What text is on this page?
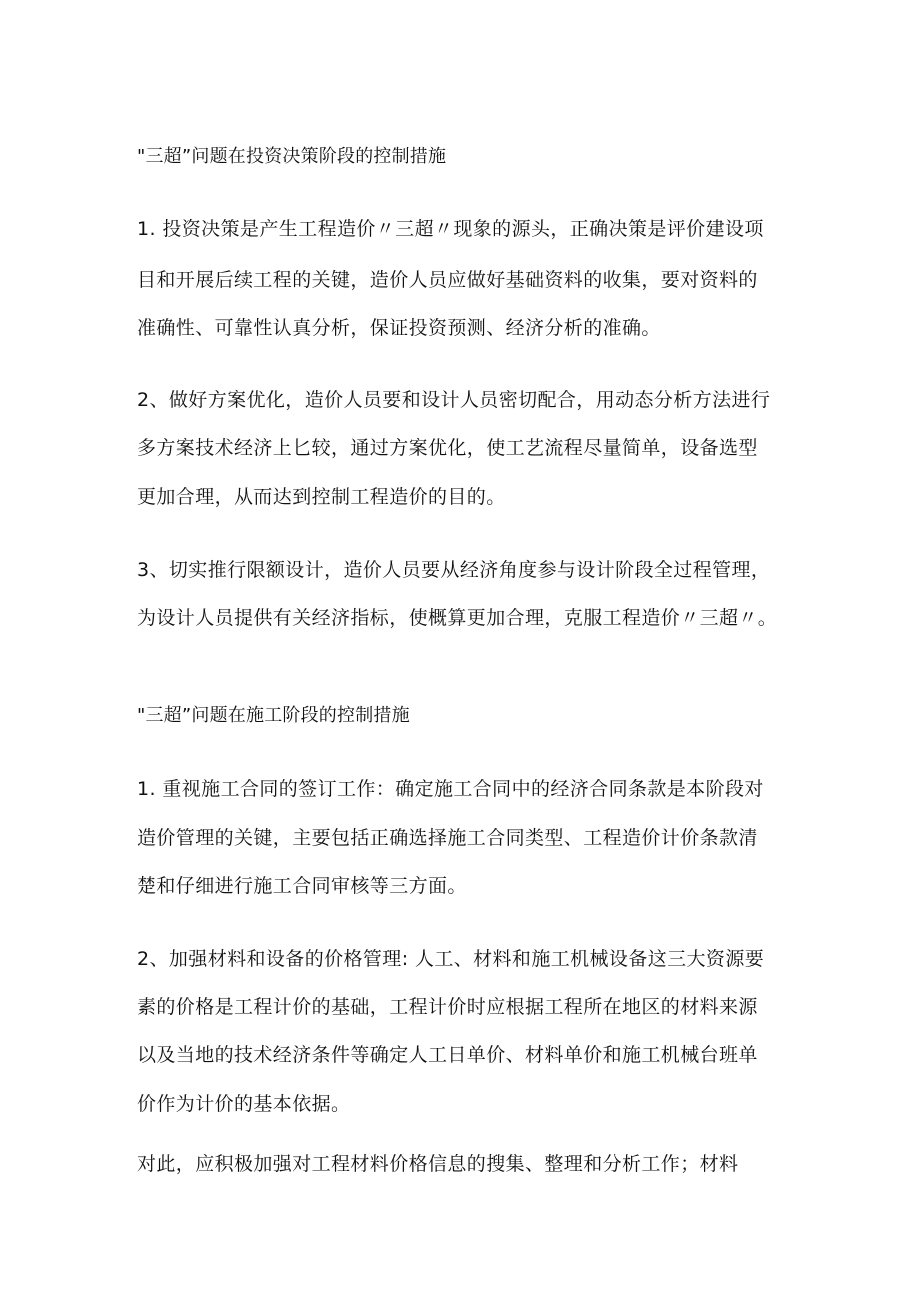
"三超”问题在投资决策阶段的控制措施
1. 投资决策是产生工程造价〃三超〃现象的源头，正确决策是评价建设项
目和开展后续工程的关键，造价人员应做好基础资料的收集，要对资料的
准确性、可靠性认真分析，保证投资预测、经济分析的准确。
2、做好方案优化，造价人员要和设计人员密切配合，用动态分析方法进行
多方案技术经济上匕较，通过方案优化，使工艺流程尽量简单，设备选型
更加合理，从而达到控制工程造价的目的。
3、切实推行限额设计，造价人员要从经济角度参与设计阶段全过程管理，
为设计人员提供有关经济指标，使概算更加合理，克服工程造价〃三超〃。
"三超”问题在施工阶段的控制措施
1. 重视施工合同的签订工作：确定施工合同中的经济合同条款是本阶段对
造价管理的关键，主要包括正确选择施工合同类型、工程造价计价条款清
楚和仔细进行施工合同审核等三方面。
2、加强材料和设备的价格管理: 人工、材料和施工机械设备这三大资源要
素的价格是工程计价的基础，工程计价时应根据工程所在地区的材料来源
以及当地的技术经济条件等确定人工日单价、材料单价和施工机械台班单
价作为计价的基本依据。
对此，应积极加强对工程材料价格信息的搜集、整理和分析工作；材料
